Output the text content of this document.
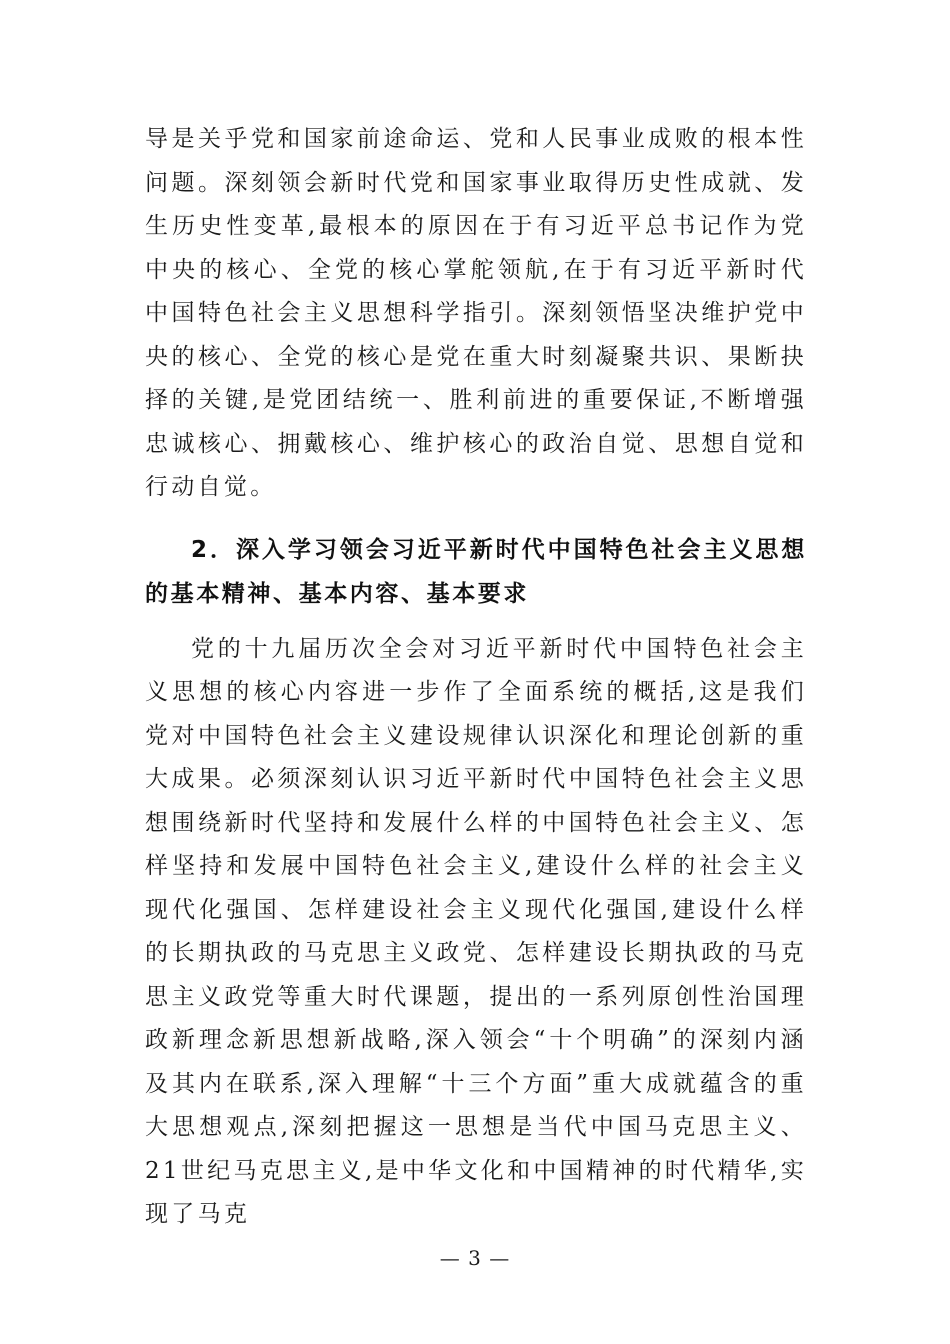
导是关乎党和国家前途命运、党和人民事业成败的根本性问题。深刻领会新时代党和国家事业取得历史性成就、发生历史性变革,最根本的原因在于有习近平总书记作为党中央的核心、全党的核心掌舵领航,在于有习近平新时代中国特色社会主义思想科学指引。深刻领悟坚决维护党中央的核心、全党的核心是党在重大时刻凝聚共识、果断抉择的关键,是党团结统一、胜利前进的重要保证,不断增强忠诚核心、拥戴核心、维护核心的政治自觉、思想自觉和行动自觉。

2．深入学习领会习近平新时代中国特色社会主义思想的基本精神、基本内容、基本要求

党的十九届历次全会对习近平新时代中国特色社会主义思想的核心内容进一步作了全面系统的概括,这是我们党对中国特色社会主义建设规律认识深化和理论创新的重大成果。必须深刻认识习近平新时代中国特色社会主义思想围绕新时代坚持和发展什么样的中国特色社会主义、怎样坚持和发展中国特色社会主义,建设什么样的社会主义现代化强国、怎样建设社会主义现代化强国,建设什么样的长期执政的马克思主义政党、怎样建设长期执政的马克思主义政党等重大时代课题，提出的一系列原创性治国理政新理念新思想新战略,深入领会“十个明确”的深刻内涵及其内在联系,深入理解“十三个方面”重大成就蕴含的重大思想观点,深刻把握这一思想是当代中国马克思主义、21世纪马克思主义,是中华文化和中国精神的时代精华,实现了马克

— 3 —
